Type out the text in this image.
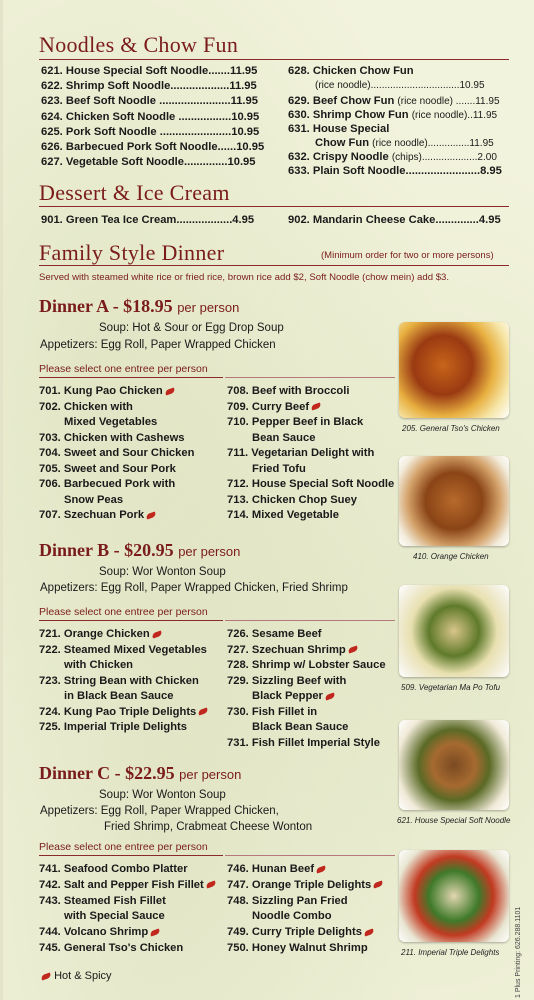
Noodles & Chow Fun
621. House Special Soft Noodle.......11.95
622. Shrimp Soft Noodle...................11.95
623. Beef Soft Noodle .......................11.95
624. Chicken Soft Noodle .................10.95
625. Pork Soft Noodle .......................10.95
626. Barbecued Pork Soft Noodle......10.95
627. Vegetable Soft Noodle..............10.95
628. Chicken Chow Fun
(rice noodle)................................10.95
629. Beef Chow Fun (rice noodle) .......11.95
630. Shrimp Chow Fun (rice noodle)..11.95
631. House Special
Chow Fun (rice noodle)...............11.95
632. Crispy Noodle (chips)....................2.00
633. Plain Soft Noodle........................8.95
Dessert & Ice Cream
901. Green Tea Ice Cream..................4.95	902. Mandarin Cheese Cake..............4.95
Family Style Dinner	(Minimum order for two or more persons)
Served with steamed white rice or fried rice, brown rice add $2, Soft Noodle (chow mein) add $3.
Dinner A - $18.95 per person
Soup: Hot & Sour or Egg Drop Soup
Appetizers: Egg Roll, Paper Wrapped Chicken
Please select one entree per person
701. Kung Pao Chicken
702. Chicken with
Mixed Vegetables
703. Chicken with Cashews
704. Sweet and Sour Chicken
705. Sweet and Sour Pork
706. Barbecued Pork with
Snow Peas
707. Szechuan Pork
708. Beef with Broccoli
709. Curry Beef
710. Pepper Beef in Black
Bean Sauce
711. Vegetarian Delight with
Fried Tofu
712. House Special Soft Noodle
713. Chicken Chop Suey
714. Mixed Vegetable
Dinner B - $20.95 per person
Soup: Wor Wonton Soup
Appetizers: Egg Roll, Paper Wrapped Chicken, Fried Shrimp
Please select one entree per person
721. Orange Chicken
722. Steamed Mixed Vegetables
with Chicken
723. String Bean with Chicken
in Black Bean Sauce
724. Kung Pao Triple Delights
725. Imperial Triple Delights
726. Sesame Beef
727. Szechuan Shrimp
728. Shrimp w/ Lobster Sauce
729. Sizzling Beef with
Black Pepper
730. Fish Fillet in
Black Bean Sauce
731. Fish Fillet Imperial Style
Dinner C - $22.95 per person
Soup: Wor Wonton Soup
Appetizers: Egg Roll, Paper Wrapped Chicken,
Fried Shrimp, Crabmeat Cheese Wonton
Please select one entree per person
741. Seafood Combo Platter
742. Salt and Pepper Fish Fillet
743. Steamed Fish Fillet
with Special Sauce
744. Volcano Shrimp
745. General Tso's Chicken
746. Hunan Beef
747. Orange Triple Delights
748. Sizzling Pan Fried
Noodle Combo
749. Curry Triple Delights
750. Honey Walnut Shrimp
205. General Tso's Chicken
410. Orange Chicken
509. Vegetarian Ma Po Tofu
621. House Special Soft Noodle
211. Imperial Triple Delights
Hot & Spicy	1 Plus Printing: 626.288.1101
